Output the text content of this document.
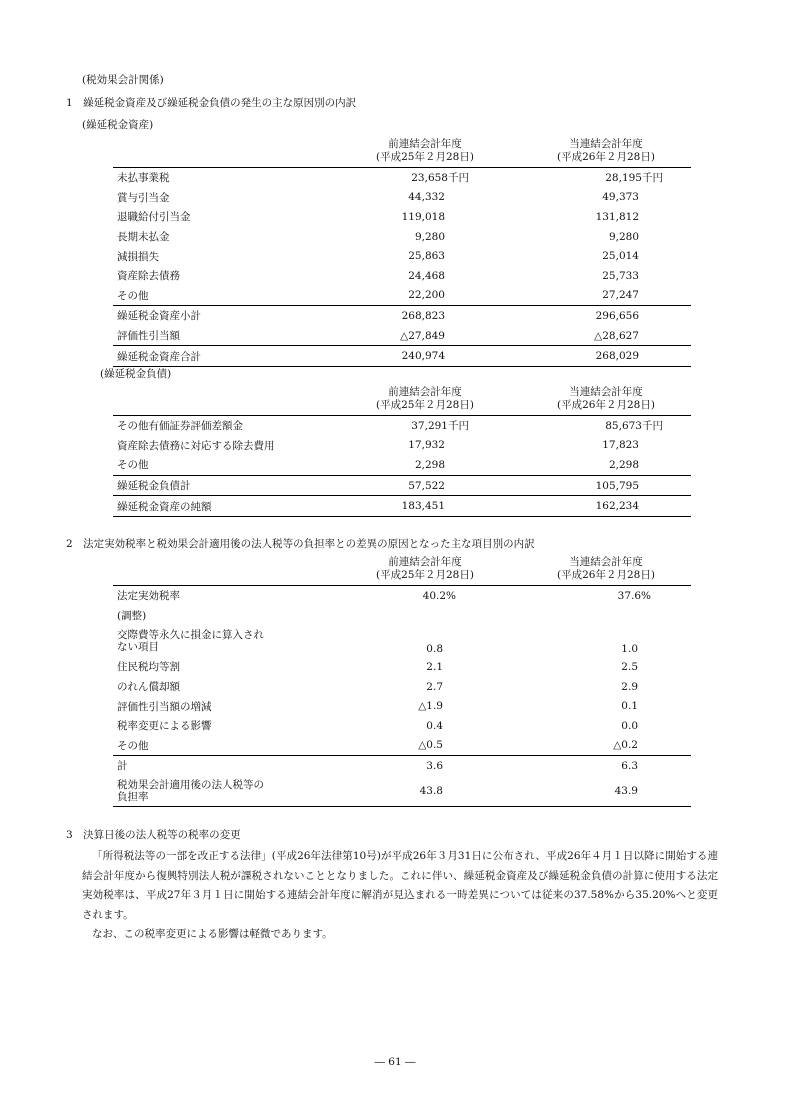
(税効果会計関係)
1　繰延税金資産及び繰延税金負債の発生の主な原因別の内訳
(繰延税金資産)
	前連結会計年度
(平成25年２月28日)		当連結会計年度
(平成26年２月28日)	
未払事業税	23,658千円		28,195千円	
賞与引当金	44,332		49,373	
退職給付引当金	119,018		131,812	
長期未払金	9,280		9,280	
減損損失	25,863		25,014	
資産除去債務	24,468		25,733	
その他	22,200		27,247	
繰延税金資産小計	268,823		296,656	
評価性引当額	△27,849		△28,627	
繰延税金資産合計	240,974		268,029	
(繰延税金負債)
	前連結会計年度
(平成25年２月28日)		当連結会計年度
(平成26年２月28日)	
その他有価証券評価差額金	37,291千円		85,673千円	
資産除去債務に対応する除去費用	17,932		17,823	
その他	2,298		2,298	
繰延税金負債計	57,522		105,795	
繰延税金資産の純額	183,451		162,234	
2　法定実効税率と税効果会計適用後の法人税等の負担率との差異の原因となった主な項目別の内訳
	前連結会計年度
(平成25年２月28日)		当連結会計年度
(平成26年２月28日)	
法定実効税率	40.2%		37.6%	
(調整)				
交際費等永久に損金に算入され
ない項目	0.8		1.0	
住民税均等割	2.1		2.5	
のれん償却額	2.7		2.9	
評価性引当額の増減	△1.9		0.1	
税率変更による影響	0.4		0.0	
その他	△0.5		△0.2	
計	3.6		6.3	
税効果会計適用後の法人税等の
負担率	43.8		43.9	
3　決算日後の法人税等の税率の変更
「所得税法等の一部を改正する法律」(平成26年法律第10号)が平成26年３月31日に公布され、平成26年４月１日以降に開始する連結会計年度から復興特別法人税が課税されないこととなりました。これに伴い、繰延税金資産及び繰延税金負債の計算に使用する法定実効税率は、平成27年３月１日に開始する連結会計年度に解消が見込まれる一時差異については従来の37.58%から35.20%へと変更されます。
なお、この税率変更による影響は軽微であります。
― 61 ―
